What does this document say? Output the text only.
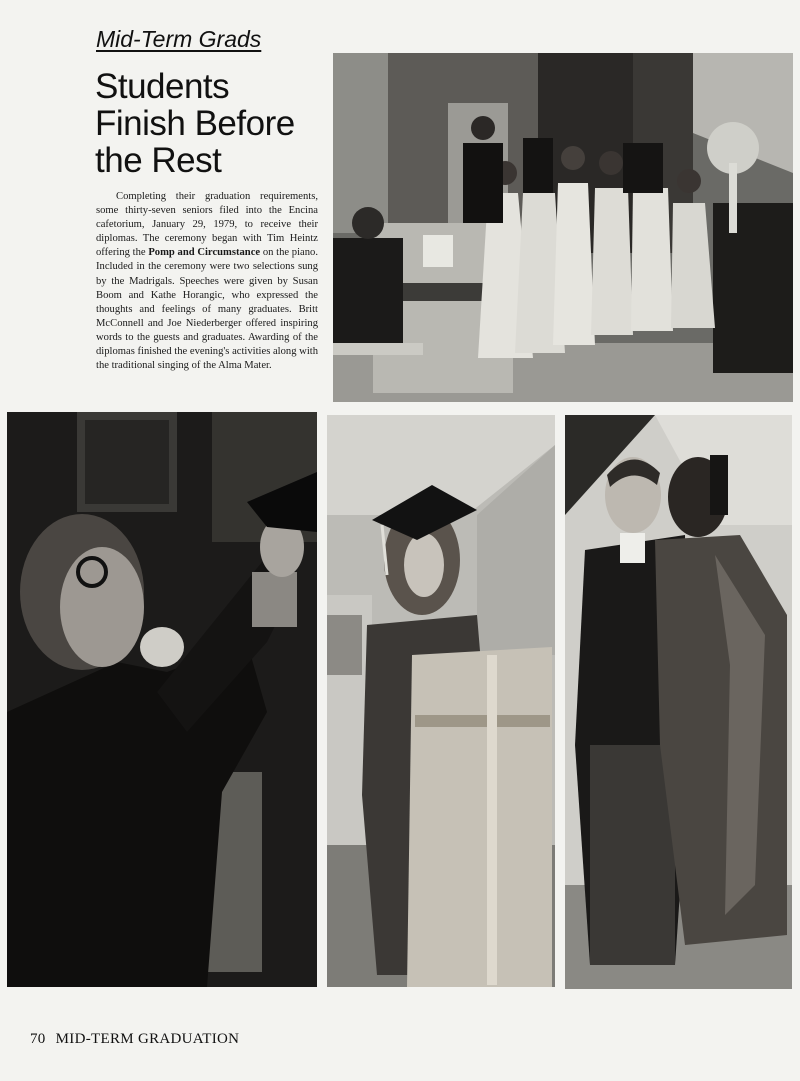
Mid-Term Grads
Students
Finish Before
the Rest

Completing their graduation requirements, some thirty-seven seniors filed into the Encina cafetorium, January 29, 1979, to receive their diplomas. The ceremony began with Tim Heintz offering the Pomp and Circumstance on the piano. Included in the ceremony were two selections sung by the Madrigals. Speeches were given by Susan Boom and Kathe Horangic, who expressed the thoughts and feelings of many graduates. Britt McConnell and Joe Niederberger offered inspiring words to the guests and graduates. Awarding of the diplomas finished the evening's activities along with the traditional singing of the Alma Mater.

70 MID-TERM GRADUATION
